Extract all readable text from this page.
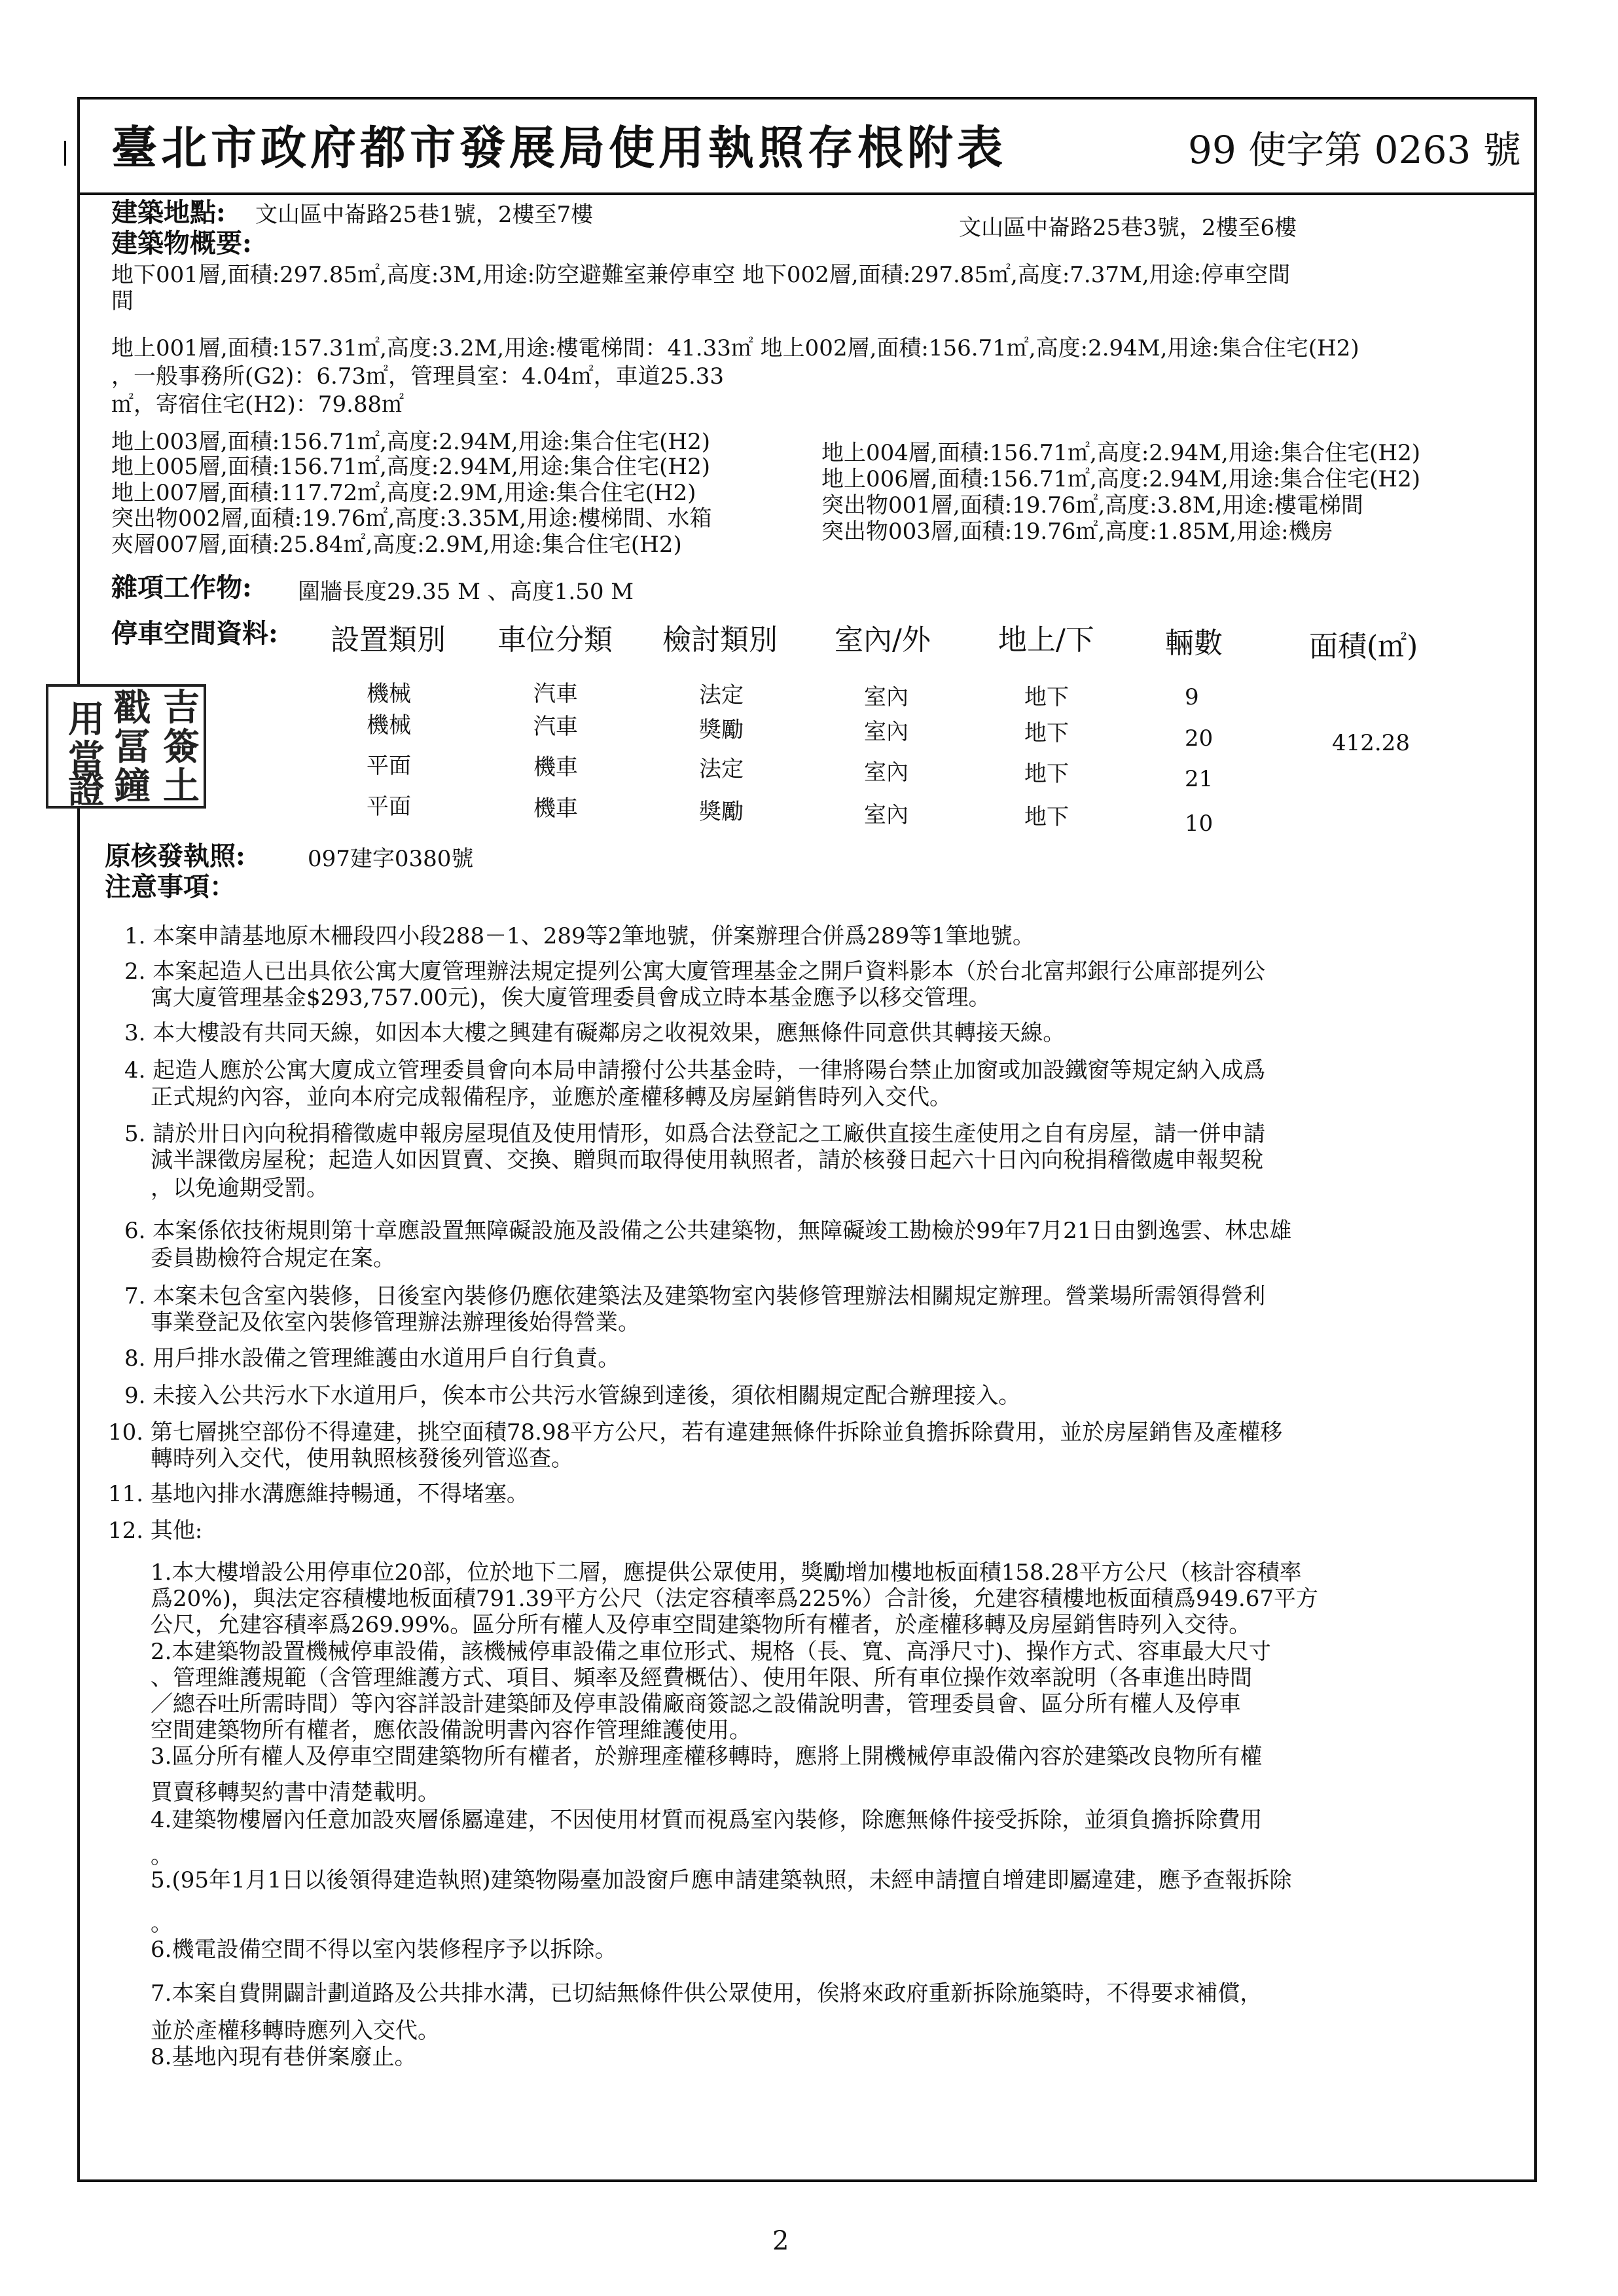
臺北市政府都市發展局使用執照存根附表	99 使字第 0263 號
建築地點: 文山區中崙路25巷1號，2樓至7樓	文山區中崙路25巷3號，2樓至6樓
建築物概要:
地下001層,面積:297.85㎡,高度:3M,用途:防空避難室兼停車空 地下002層,面積:297.85㎡,高度:7.37M,用途:停車空間
間
地上001層,面積:157.31㎡,高度:3.2M,用途:樓電梯間：41.33㎡ 地上002層,面積:156.71㎡,高度:2.94M,用途:集合住宅(H2)
，一般事務所(G2)：6.73㎡，管理員室：4.04㎡，車道25.33
㎡，寄宿住宅(H2)：79.88㎡
地上003層,面積:156.71㎡,高度:2.94M,用途:集合住宅(H2)
地上005層,面積:156.71㎡,高度:2.94M,用途:集合住宅(H2)
地上007層,面積:117.72㎡,高度:2.9M,用途:集合住宅(H2)
突出物002層,面積:19.76㎡,高度:3.35M,用途:樓梯間、水箱
夾層007層,面積:25.84㎡,高度:2.9M,用途:集合住宅(H2)
地上004層,面積:156.71㎡,高度:2.94M,用途:集合住宅(H2)
地上006層,面積:156.71㎡,高度:2.94M,用途:集合住宅(H2)
突出物001層,面積:19.76㎡,高度:3.8M,用途:樓電梯間
突出物003層,面積:19.76㎡,高度:1.85M,用途:機房
雜項工作物: 圍牆長度29.35 M 、高度1.50 M
停車空間資料: 設置類別 車位分類 檢討類別 室內/外 地上/下 輛數	面積(㎡)
機械	汽車	法定	室內	地下	9
機械	汽車	獎勵	室內	地下	20	412.28
平面	機車	法定	室內	地下	21
平面	機車	獎勵	室內	地下	10
吉
戳
用
簽
冨
土
鐘
當
證
原核發執照:	097建字0380號
注意事項：
1. 本案申請基地原木柵段四小段288－1、289等2筆地號，併案辦理合併爲289等1筆地號。
2. 本案起造人已出具依公寓大廈管理辦法規定提列公寓大廈管理基金之開戶資料影本（於台北富邦銀行公庫部提列公
寓大廈管理基金$293,757.00元)，俟大廈管理委員會成立時本基金應予以移交管理。
3. 本大樓設有共同天線，如因本大樓之興建有礙鄰房之收視效果，應無條件同意供其轉接天線。
4. 起造人應於公寓大廈成立管理委員會向本局申請撥付公共基金時，一律將陽台禁止加窗或加設鐵窗等規定納入成爲
正式規約內容，並向本府完成報備程序，並應於產權移轉及房屋銷售時列入交代。
5. 請於卅日內向稅捐稽徵處申報房屋現值及使用情形，如爲合法登記之工廠供直接生產使用之自有房屋，請一併申請
減半課徵房屋稅；起造人如因買賣、交換、贈與而取得使用執照者，請於核發日起六十日內向稅捐稽徵處申報契稅
，以免逾期受罰。
6. 本案係依技術規則第十章應設置無障礙設施及設備之公共建築物，無障礙竣工勘檢於99年7月21日由劉逸雲、林忠雄
委員勘檢符合規定在案。
7. 本案未包含室內裝修，日後室內裝修仍應依建築法及建築物室內裝修管理辦法相關規定辦理。營業場所需領得營利
事業登記及依室內裝修管理辦法辦理後始得營業。
8. 用戶排水設備之管理維護由水道用戶自行負責。
9. 未接入公共污水下水道用戶，俟本市公共污水管線到達後，須依相關規定配合辦理接入。
10. 第七層挑空部份不得違建，挑空面積78.98平方公尺，若有違建無條件拆除並負擔拆除費用，並於房屋銷售及產權移
轉時列入交代，使用執照核發後列管巡查。
11. 基地內排水溝應維持暢通，不得堵塞。
12. 其他:
1.本大樓增設公用停車位20部，位於地下二層，應提供公眾使用，獎勵增加樓地板面積158.28平方公尺（核計容積率
爲20%)，與法定容積樓地板面積791.39平方公尺（法定容積率爲225%）合計後，允建容積樓地板面積爲949.67平方
公尺，允建容積率爲269.99%。區分所有權人及停車空間建築物所有權者，於產權移轉及房屋銷售時列入交待。
2.本建築物設置機械停車設備，該機械停車設備之車位形式、規格（長、寬、高淨尺寸)、操作方式、容車最大尺寸
、管理維護規範（含管理維護方式、項目、頻率及經費概估）、使用年限、所有車位操作效率說明（各車進出時間
／總吞吐所需時間）等內容詳設計建築師及停車設備廠商簽認之設備說明書，管理委員會、區分所有權人及停車
空間建築物所有權者，應依設備說明書內容作管理維護使用。
3.區分所有權人及停車空間建築物所有權者，於辦理產權移轉時，應將上開機械停車設備內容於建築改良物所有權
買賣移轉契約書中清楚載明。
4.建築物樓層內任意加設夾層係屬違建，不因使用材質而視爲室內裝修，除應無條件接受拆除，並須負擔拆除費用
。
5.(95年1月1日以後領得建造執照)建築物陽臺加設窗戶應申請建築執照，未經申請擅自增建即屬違建，應予查報拆除
。
6.機電設備空間不得以室內裝修程序予以拆除。
7.本案自費開闢計劃道路及公共排水溝，已切結無條件供公眾使用，俟將來政府重新拆除施築時，不得要求補償，
並於產權移轉時應列入交代。
8.基地內現有巷併案廢止。
2
